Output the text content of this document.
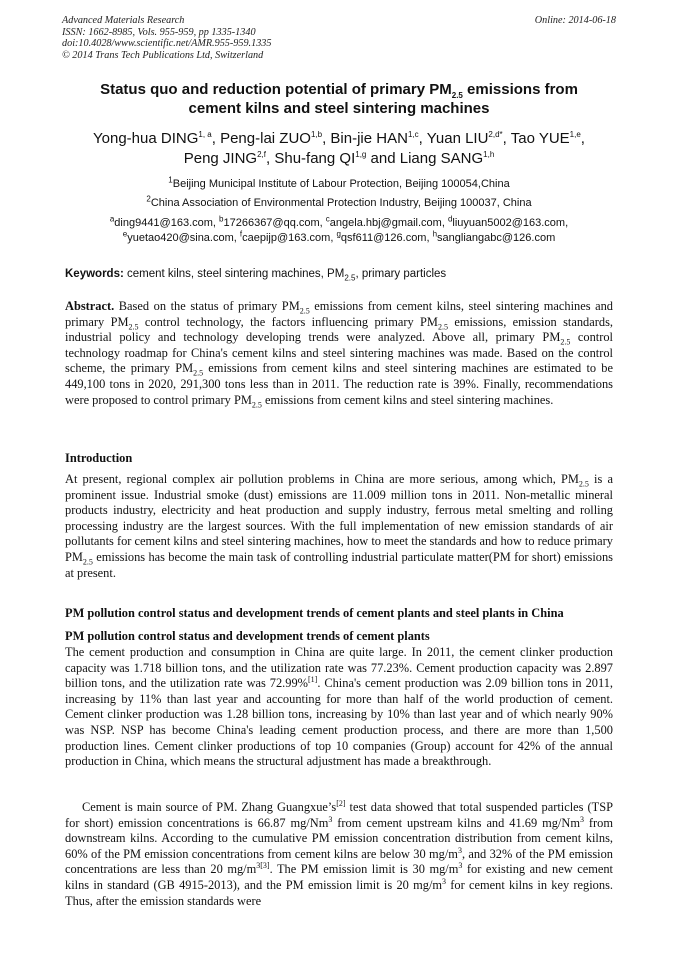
Advanced Materials Research
ISSN: 1662-8985, Vols. 955-959, pp 1335-1340
doi:10.4028/www.scientific.net/AMR.955-959.1335
© 2014 Trans Tech Publications Ltd, Switzerland
Online: 2014-06-18
Status quo and reduction potential of primary $PM_{2.5}$ emissions from
cement kilns and steel sintering machines
Yong-hua DING$^{1, a}$, Peng-lai ZUO$^{1,b}$, Bin-jie HAN$^{1,c}$, Yuan $LIU^{2,d*}$, Tao YUE$^{1,e}$,
Peng JING$^{2,f}$, Shu-fang QI$^{1,g}$ and Liang SANG$^{1,h}$
$^1$Beijing Municipal Institute of Labour Protection, Beijing 100054,China
$^2$China Association of Environmental Protection Industry, Beijing 100037, China
$^a$ding9441@163.com, $^b$17266367@qq.com, $^c$angela.hbj@gmail.com, $^d$liuyuan5002@163.com,
$^e$yuetao420@sina.com, $^f$caepijp@163.com, $^g$qsf611@126.com, $^h$sangliangabc@126.com
Keywords: cement kilns, steel sintering machines, $PM_{2.5}$, primary particles
Abstract. Based on the status of primary $PM_{2.5}$ emissions from cement kilns, steel sintering machines and primary $PM_{2.5}$ control technology, the factors influencing primary $PM_{2.5}$ emissions, emission standards, industrial policy and technology developing trends were analyzed. Above all, primary $PM_{2.5}$ control technology roadmap for China's cement kilns and steel sintering machines was made. Based on the control scheme, the primary $PM_{2.5}$ emissions from cement kilns and steel sintering machines are estimated to be 449,100 tons in 2020, 291,300 tons less than in 2011. The reduction rate is 39%. Finally, recommendations were proposed to control primary $PM_{2.5}$ emissions from cement kilns and steel sintering machines.
Introduction
At present, regional complex air pollution problems in China are more serious, among which, $PM_{2.5}$ is a prominent issue. Industrial smoke (dust) emissions are 11.009 million tons in 2011. Non-metallic mineral products industry, electricity and heat production and supply industry, ferrous metal smelting and rolling processing industry are the largest sources. With the full implementation of new emission standards of air pollutants for cement kilns and steel sintering machines, how to meet the standards and how to reduce primary $PM_{2.5}$ emissions has become the main task of controlling industrial particulate matter(PM for short) emissions at present.
PM pollution control status and development trends of cement plants and steel plants in China
PM pollution control status and development trends of cement plants
The cement production and consumption in China are quite large. In 2011, the cement clinker production capacity was 1.718 billion tons, and the utilization rate was 77.23%. Cement production capacity was 2.897 billion tons, and the utilization rate was 72.99%[1]. China's cement production was 2.09 billion tons in 2011, increasing by 11% than last year and accounting for more than half of the world production of cement. Cement clinker production was 1.28 billion tons, increasing by 10% than last year and of which nearly 90% was NSP. NSP has become China's leading cement production process, and there are more than 1,500 production lines. Cement clinker productions of top 10 companies (Group) account for 42% of the annual production in China, which means the structural adjustment has made a breakthrough.
Cement is main source of PM. Zhang Guangxue’s[2] test data showed that total suspended particles (TSP for short) emission concentrations is 66.87 mg/Nm$^3$ from cement upstream kilns and 41.69 mg/Nm$^3$ from downstream kilns. According to the cumulative PM emission concentration distribution from cement kilns, 60% of the PM emission concentrations from cement kilns are below 30 $mg/m^3$, and 32% of the PM emission concentrations are less than 20 $mg/m^{3[3]}$. The PM emission limit is 30 $mg/m^3$ for existing and new cement kilns in standard (GB 4915-2013), and the PM emission limit is 20 $mg/m^3$ for cement kilns in key regions. Thus, after the emission standards were
